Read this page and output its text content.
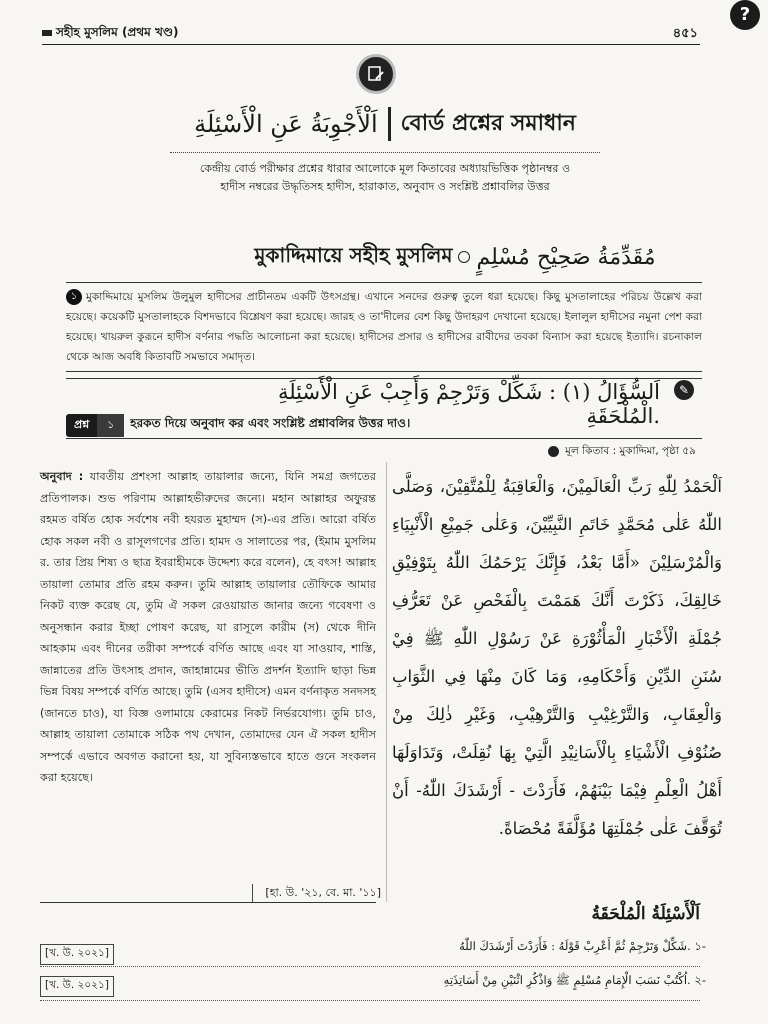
সহীহ মুসলিম (প্রথম খণ্ড)	৪৫১
?
اَلْأَجْوِبَةُ عَنِ الْأَسْئِلَةِ বোর্ড প্রশ্নের সমাধান
কেন্দ্রীয় বোর্ড পরীক্ষার প্রশ্নের ধারার আলোকে মূল কিতাবের অধ্যায়ভিত্তিক পৃষ্ঠানম্বর ও
হাদীস নম্বরের উদ্ধৃতিসহ হাদীস, হারাকাত, অনুবাদ ও সংশ্লিষ্ট প্রশ্নাবলির উত্তর
মুকাদ্দিমায়ে সহীহ মুসলিম مُقَدِّمَةُ صَحِيْحِ مُسْلِمٍ

১ মুকাদ্দিমায়ে মুসলিম উলুমুল হাদীসের প্রাচীনতম একটি উৎসগ্রন্থ। এখানে সনদের গুরুত্ব তুলে ধরা হয়েছে। কিছু মুসতালাহের পরিচয় উল্লেখ করা হয়েছে। কয়েকটি মুসতালাহকে বিশদভাবে বিশ্লেষণ করা হয়েছে। জারহ ও তা'দীলের বেশ কিছু উদাহরণ দেখানো হয়েছে। ইলালুল হাদীসের নমুনা পেশ করা হয়েছে। খায়রুল কুরূনে হাদীস বর্ণনার পদ্ধতি আলোচনা করা হয়েছে। হাদীসের প্রসার ও হাদীসের রাবীদের তবকা বিন্যাস করা হয়েছে ইত্যাদি। রচনাকাল থেকে আজ অবধি কিতাবটি সমভাবে সমাদৃত।

✎
اَلسُّؤَالُ (١) : شَكِّلْ وَتَرْجِمْ وَأَجِبْ عَنِ الْأَسْئِلَةِ الْمُلْحَقَةِ.
প্রশ্ন	১	হরকত দিয়ে অনুবাদ কর এবং সংশ্লিষ্ট প্রশ্নাবলির উত্তর দাও।
মূল কিতাব : মুকাদ্দিমা, পৃষ্ঠা ৫৯
অনুবাদ : যাবতীয় প্রশংসা আল্লাহ তায়ালার জন্যে, যিনি সমগ্র জগতের প্রতিপালক। শুভ পরিণাম আল্লাহভীরুদের জন্যে। মহান আল্লাহর অফুরন্ত রহমত বর্ষিত হোক সর্বশেষ নবী হযরত মুহাম্মদ (স)-এর প্রতি। আরো বর্ষিত হোক সকল নবী ও রাসূলগণের প্রতি। হামদ ও সালাতের পর, (ইমাম মুসলিম র. তার প্রিয় শিষ্য ও ছাত্র ইবরাহীমকে উদ্দেশ্য করে বলেন), হে বৎস! আল্লাহ তায়ালা তোমার প্রতি রহম করুন। তুমি আল্লাহ তায়ালার তৌফিকে আমার নিকট ব্যক্ত করেছ যে, তুমি ঐ সকল রেওয়ায়াত জানার জন্যে গবেষণা ও অনুসন্ধান করার ইচ্ছা পোষণ করেছ, যা রাসূলে কারীম (স) থেকে দীনি আহকাম এবং দীনের তরীকা সম্পর্কে বর্ণিত আছে এবং যা সাওয়াব, শাস্তি, জান্নাতের প্রতি উৎসাহ প্রদান, জাহান্নামের ভীতি প্রদর্শন ইত্যাদি ছাড়া ভিন্ন ভিন্ন বিষয় সম্পর্কে বর্ণিত আছে। তুমি (এসব হাদীসে) এমন বর্ণনাকৃত সনদসহ (জানতে চাও), যা বিজ্ঞ ওলামায়ে কেরামের নিকট নির্ভরযোগ্য। তুমি চাও, আল্লাহ তায়ালা তোমাকে সঠিক পথ দেখান, তোমাদের যেন ঐ সকল হাদীস সম্পর্কে এভাবে অবগত করানো হয়, যা সুবিন্যস্তভাবে হাতে গুনে সংকলন করা হয়েছে।
[হা. উ. '২১, বে. মা. '১১]
اَلْحَمْدُ لِلّٰهِ رَبِّ الْعَالَمِيْنَ، وَالْعَاقِبَةُ لِلْمُتَّقِيْنَ، وَصَلَّى اللّٰهُ عَلٰى مُحَمَّدٍ خَاتَمِ النَّبِيِّيْنَ، وَعَلٰى جَمِيْعِ الْأَنْبِيَاءِ وَالْمُرْسَلِيْنَ «أَمَّا بَعْدُ، فَإِنَّكَ يَرْحَمُكَ اللّٰهُ بِتَوْفِيْقِ خَالِقِكَ، ذَكَرْتَ أَنَّكَ هَمَمْتَ بِالْفَحْصِ عَنْ تَعَرُّفِ جُمْلَةِ الْأَخْبَارِ الْمَأْثُوْرَةِ عَنْ رَسُوْلِ اللّٰهِ ﷺ فِيْ سُنَنِ الدِّيْنِ وَأَحْكَامِهِ، وَمَا كَانَ مِنْهَا فِي الثَّوَابِ وَالْعِقَابِ، وَالتَّرْغِيْبِ وَالتَّرْهِيْبِ، وَغَيْرِ ذٰلِكَ مِنْ صُنُوْفِ الْأَشْيَاءِ بِالْأَسَانِيْدِ الَّتِيْ بِهَا نُقِلَتْ، وَتَدَاوَلَهَا أَهْلُ الْعِلْمِ فِيْمَا بَيْنَهُمْ، فَأَرَدْتَ - أَرْشَدَكَ اللّٰهُ- أَنْ تُوَقَّفَ عَلٰى جُمْلَتِهَا مُؤَلَّفَةً مُحْصَاةً.
اَلْأَسْئِلَةُ الْمُلْحَقَةُ
شَكِّلْ وَتَرْجِمْ ثُمَّ أَعْرِبْ قَوْلَهُ : فَأَرَدْتَ أَرْشَدَكَ اللّٰهُ. ১-
اُكْتُبْ نَسَبَ الْإِمَامِ مُسْلِمٍ ﷺ وَاذْكُرِ اثْنَيْنِ مِنْ أَسَاتِذَتِهِ. ২-
[খ. উ. ২০২১]
[খ. উ. ২০২১]
